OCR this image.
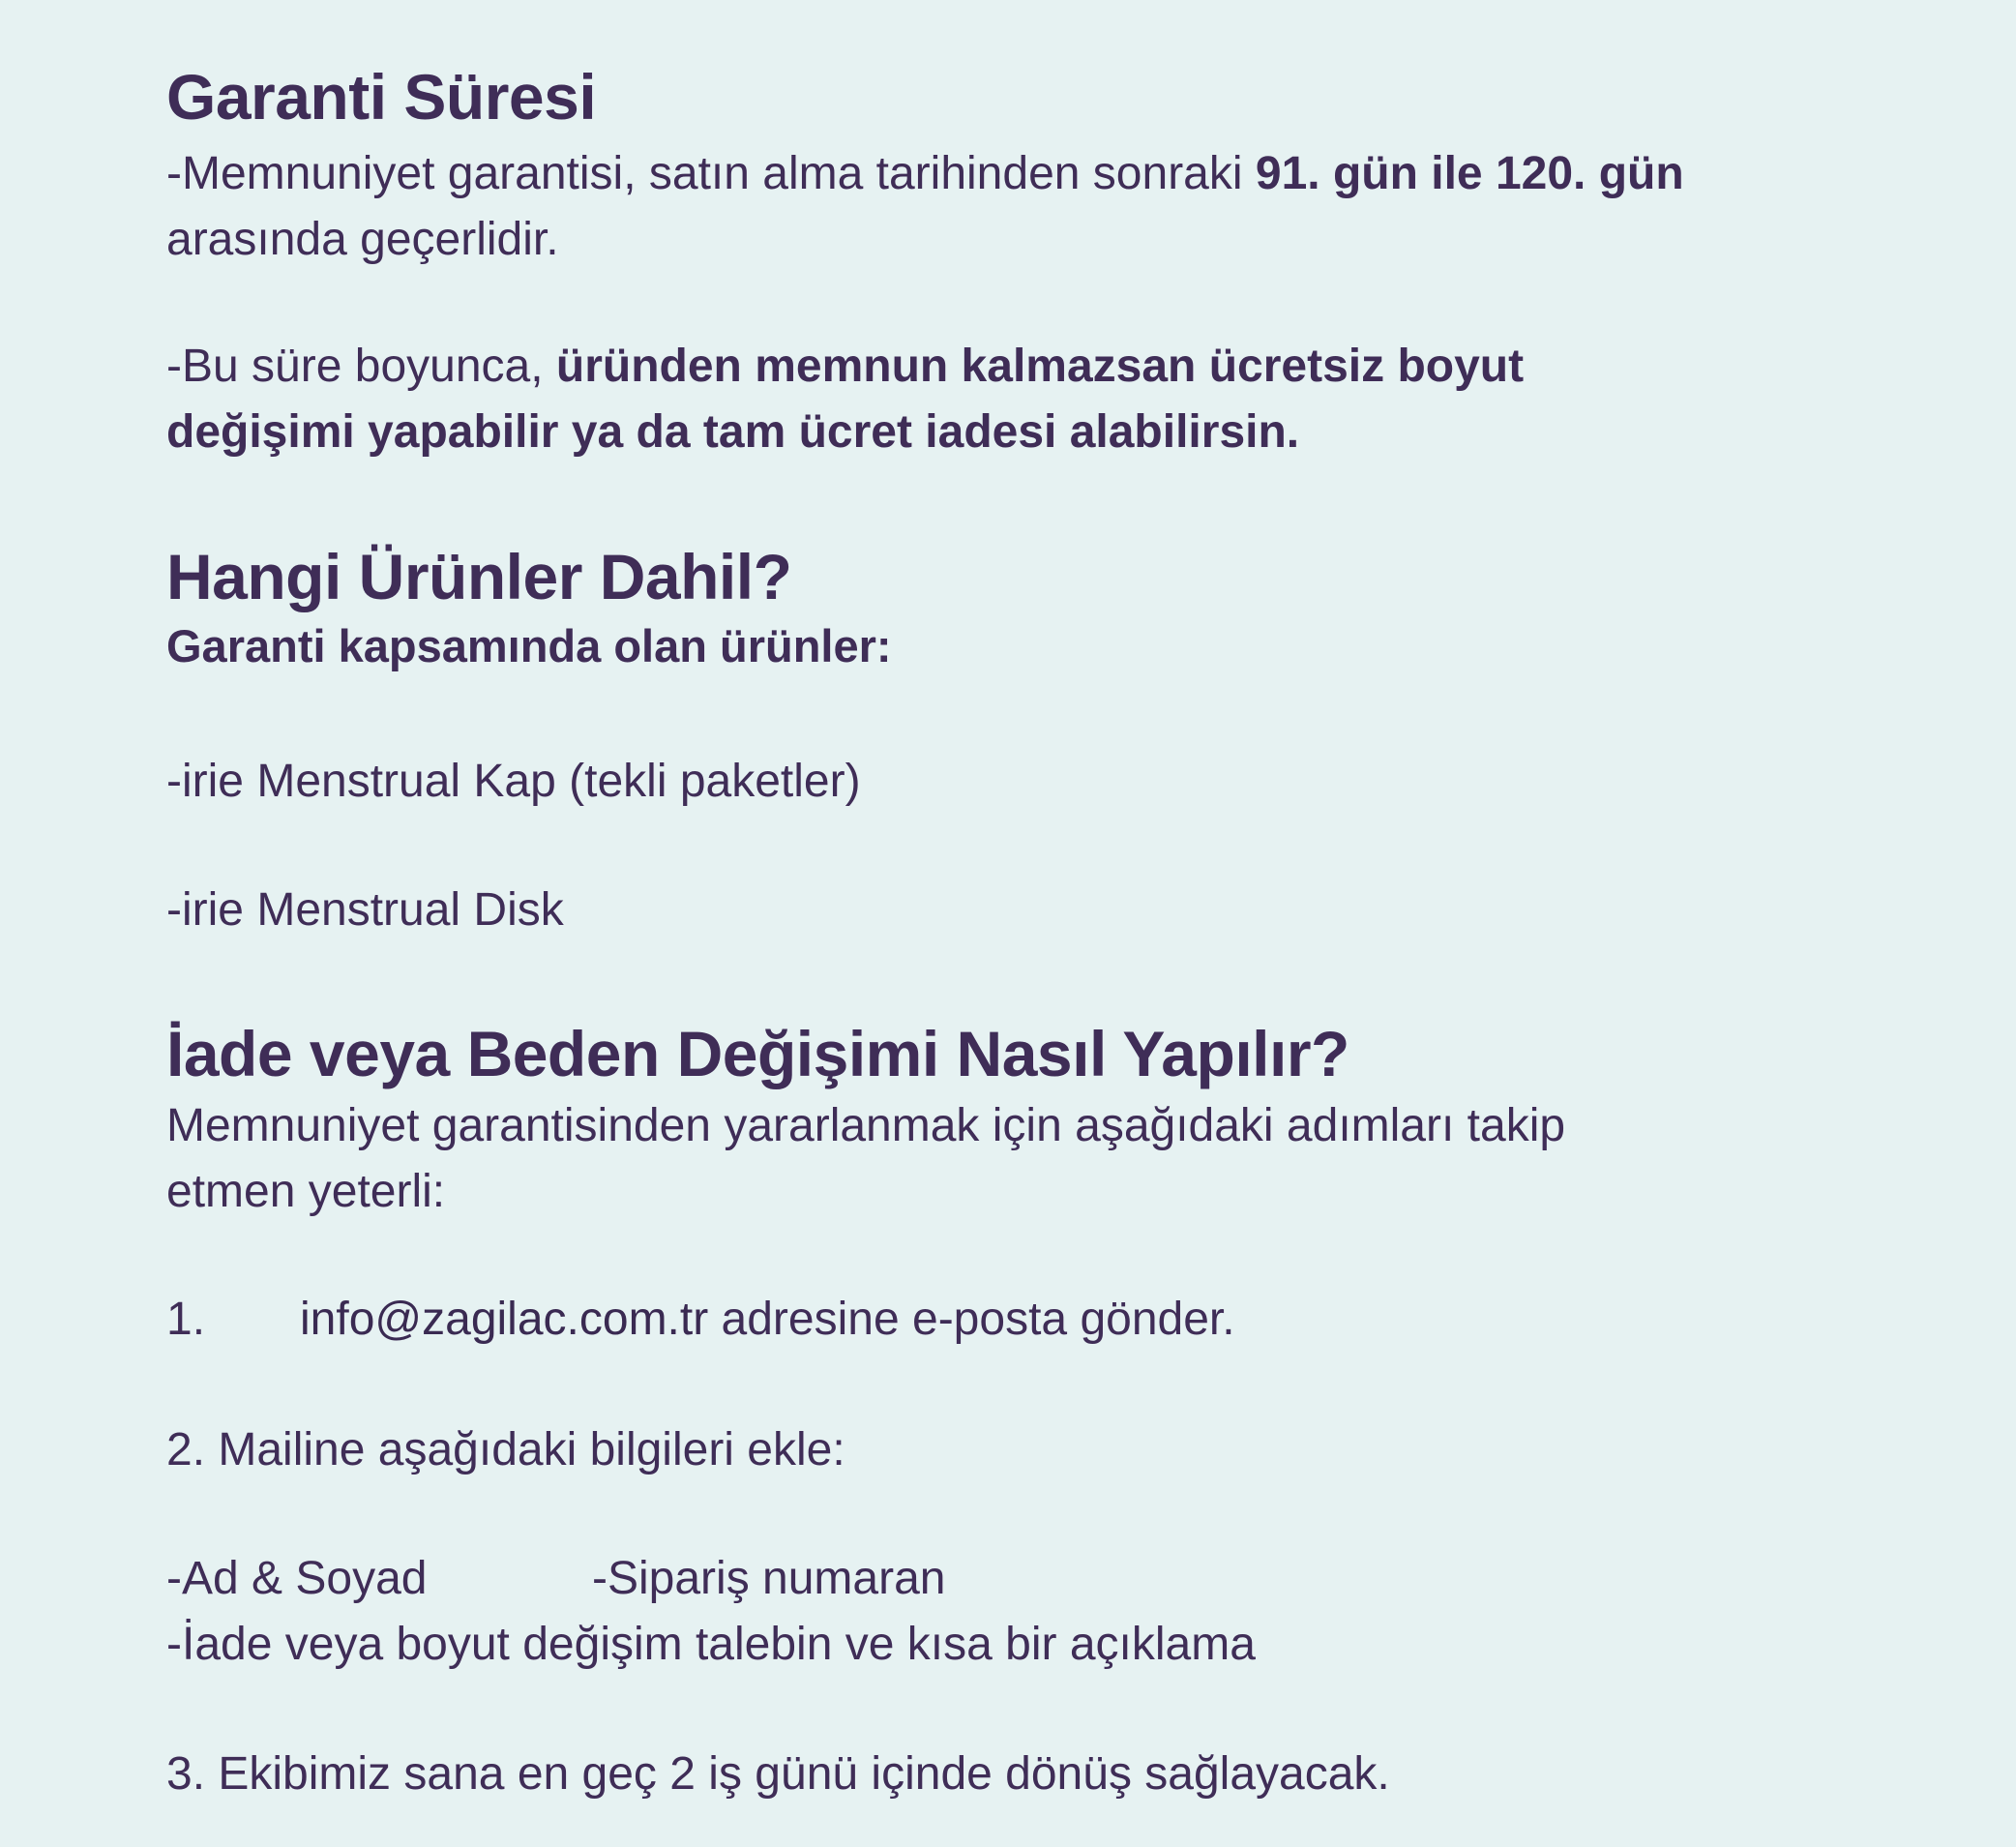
Garanti Süresi
-Memnuniyet garantisi, satın alma tarihinden sonraki 91. gün ile 120. gün
arasında geçerlidir.
-Bu süre boyunca, üründen memnun kalmazsan ücretsiz boyut
değişimi yapabilir ya da tam ücret iadesi alabilirsin.
Hangi Ürünler Dahil?
Garanti kapsamında olan ürünler:
-irie Menstrual Kap (tekli paketler)
-irie Menstrual Disk
İade veya Beden Değişimi Nasıl Yapılır?
Memnuniyet garantisinden yararlanmak için aşağıdaki adımları takip
etmen yeterli:
1. info@zagilac.com.tr adresine e-posta gönder.
2. Mailine aşağıdaki bilgileri ekle:
-Ad & Soyad	-Sipariş numaran
-İade veya boyut değişim talebin ve kısa bir açıklama
3. Ekibimiz sana en geç 2 iş günü içinde dönüş sağlayacak.
